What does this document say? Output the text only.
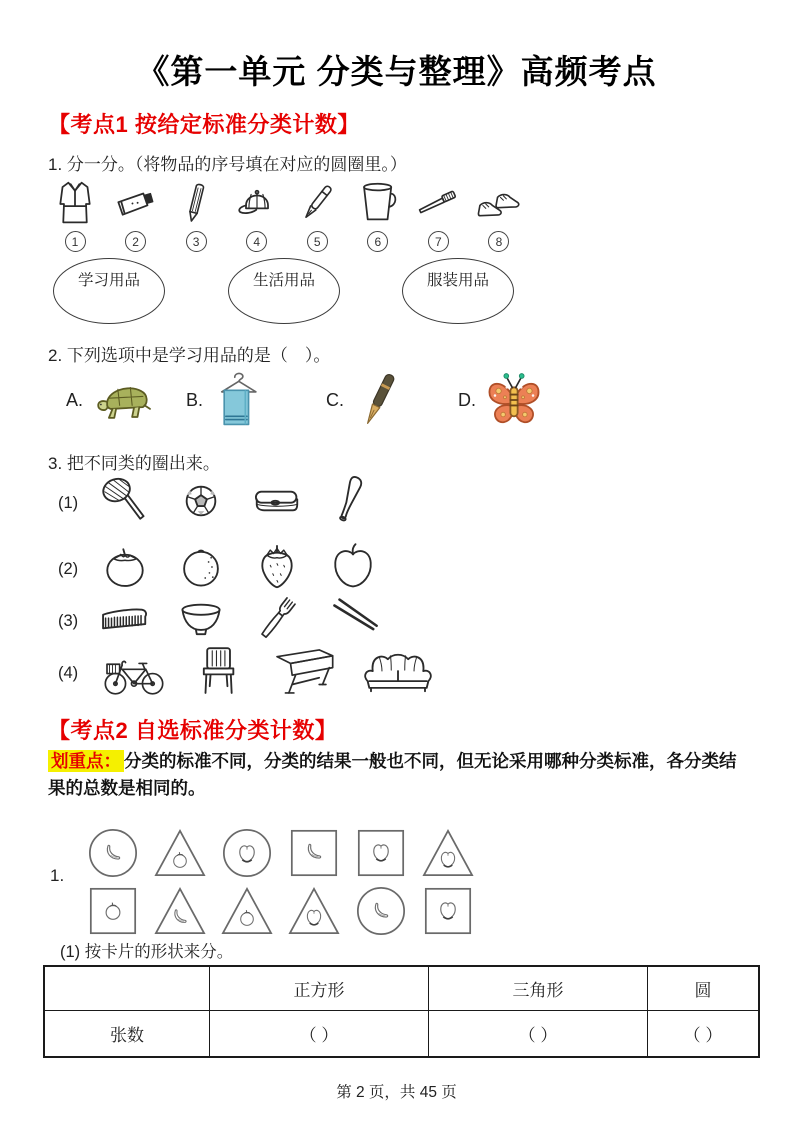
《第一单元 分类与整理》高频考点
【考点1 按给定标准分类计数】
1. 分一分。（将物品的序号填在对应的圆圈里。）
1	2	3	4	5	6	7	8
学习用品	生活用品	服装用品
2. 下列选项中是学习用品的是（　）。
A.	B.	C.	D.
3. 把不同类的圈出来。
(1)
(2)
(3)
(4)
【考点2 自选标准分类计数】
划重点： 分类的标准不同，分类的结果一般也不同，但无论采用哪种分类标准，各分类结果的总数是相同的。
1.
(1) 按卡片的形状来分。
	正方形	三角形	圆
张数	（ ）	（ ）	（ ）
第 2 页，共 45 页
